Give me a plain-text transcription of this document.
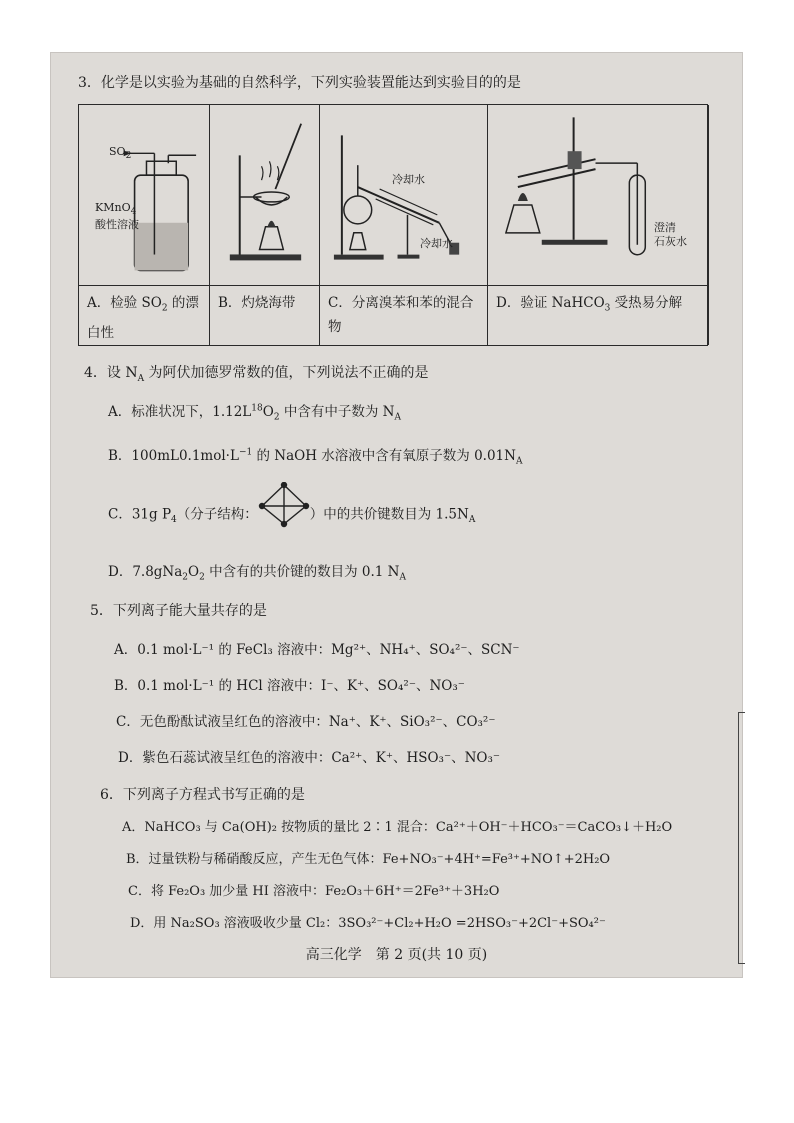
3．化学是以实验为基础的自然科学，下列实验装置能达到实验目的的是
$SO_2$
KMnO$_4$
酸性溶液
A．检验 $SO_2$ 的漂白性
B．灼烧海带
冷却水
冷却水
C．分离溴苯和苯的混合物
澄清
石灰水
D．验证 NaHCO$_3$ 受热易分解
4．设 $N_A$ 为阿伏加德罗常数的值，下列说法不正确的是
A．标准状况下，$1.12L^{18}O_2$ 中含有中子数为 $N_A$
B．$100mL0.1mol\cdot L^{-1}$ 的 NaOH 水溶液中含有氧原子数为 $0.01N_A$
C．31g $P_4$（分子结构：	）中的共价键数目为 $1.5N_A$
D．$7.8gNa_2O_2$ 中含有的共价键的数目为 0.1 $N_A$
5．下列离子能大量共存的是
A．0.1 mol·L⁻¹ 的 FeCl₃ 溶液中：Mg²⁺、NH₄⁺、SO₄²⁻、SCN⁻
B．0.1 mol·L⁻¹ 的 HCl 溶液中：I⁻、K⁺、SO₄²⁻、NO₃⁻
C．无色酚酞试液呈红色的溶液中：Na⁺、K⁺、SiO₃²⁻、CO₃²⁻
D．紫色石蕊试液呈红色的溶液中：Ca²⁺、K⁺、HSO₃⁻、NO₃⁻
6．下列离子方程式书写正确的是
A．NaHCO₃ 与 Ca(OH)₂ 按物质的量比 2∶1 混合：Ca²⁺＋OH⁻＋HCO₃⁻＝CaCO₃↓＋H₂O
B．过量铁粉与稀硝酸反应，产生无色气体：Fe+NO₃⁻+4H⁺=Fe³⁺+NO↑+2H₂O
C．将 Fe₂O₃ 加少量 HI 溶液中：Fe₂O₃＋6H⁺＝2Fe³⁺＋3H₂O
D．用 Na₂SO₃ 溶液吸收少量 Cl₂：3SO₃²⁻+Cl₂+H₂O =2HSO₃⁻+2Cl⁻+SO₄²⁻
高三化学　第 2 页(共 10 页)
